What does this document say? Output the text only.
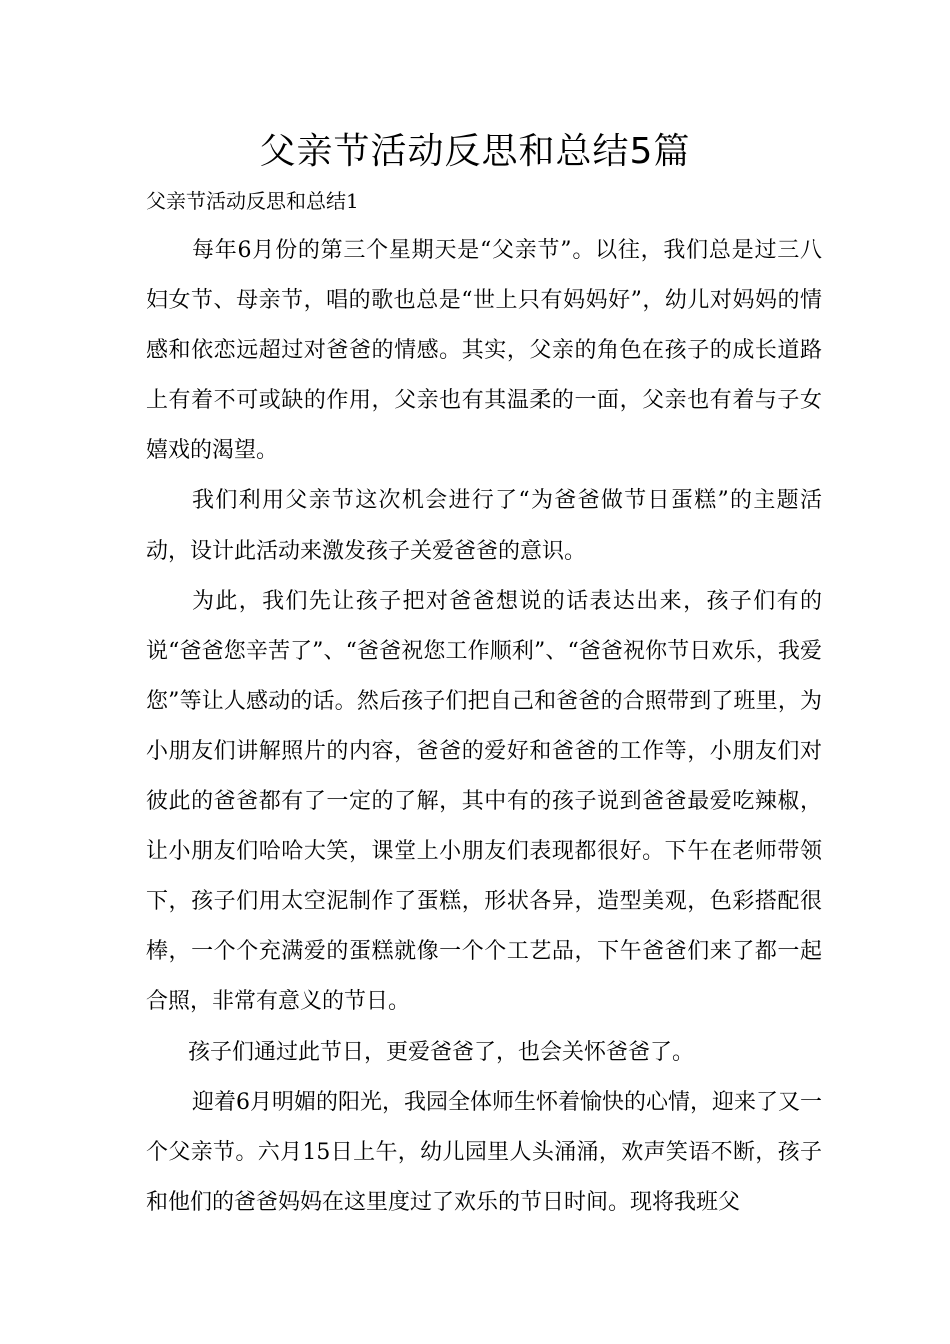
父亲节活动反思和总结5篇

父亲节活动反思和总结1

每年6月份的第三个星期天是“父亲节”。以往，我们总是过三八妇女节、母亲节，唱的歌也总是“世上只有妈妈好”，幼儿对妈妈的情感和依恋远超过对爸爸的情感。其实，父亲的角色在孩子的成长道路上有着不可或缺的作用，父亲也有其温柔的一面，父亲也有着与子女嬉戏的渴望。

我们利用父亲节这次机会进行了“为爸爸做节日蛋糕”的主题活动，设计此活动来激发孩子关爱爸爸的意识。

为此，我们先让孩子把对爸爸想说的话表达出来，孩子们有的说“爸爸您辛苦了”、“爸爸祝您工作顺利”、“爸爸祝你节日欢乐，我爱您”等让人感动的话。然后孩子们把自己和爸爸的合照带到了班里，为小朋友们讲解照片的内容，爸爸的爱好和爸爸的工作等，小朋友们对彼此的爸爸都有了一定的了解，其中有的孩子说到爸爸最爱吃辣椒，让小朋友们哈哈大笑，课堂上小朋友们表现都很好。下午在老师带领下，孩子们用太空泥制作了蛋糕，形状各异，造型美观，色彩搭配很棒，一个个充满爱的蛋糕就像一个个工艺品，下午爸爸们来了都一起合照，非常有意义的节日。

孩子们通过此节日，更爱爸爸了，也会关怀爸爸了。

迎着6月明媚的阳光，我园全体师生怀着愉快的心情，迎来了又一个父亲节。六月15日上午，幼儿园里人头涌涌，欢声笑语不断，孩子和他们的爸爸妈妈在这里度过了欢乐的节日时间。现将我班父
